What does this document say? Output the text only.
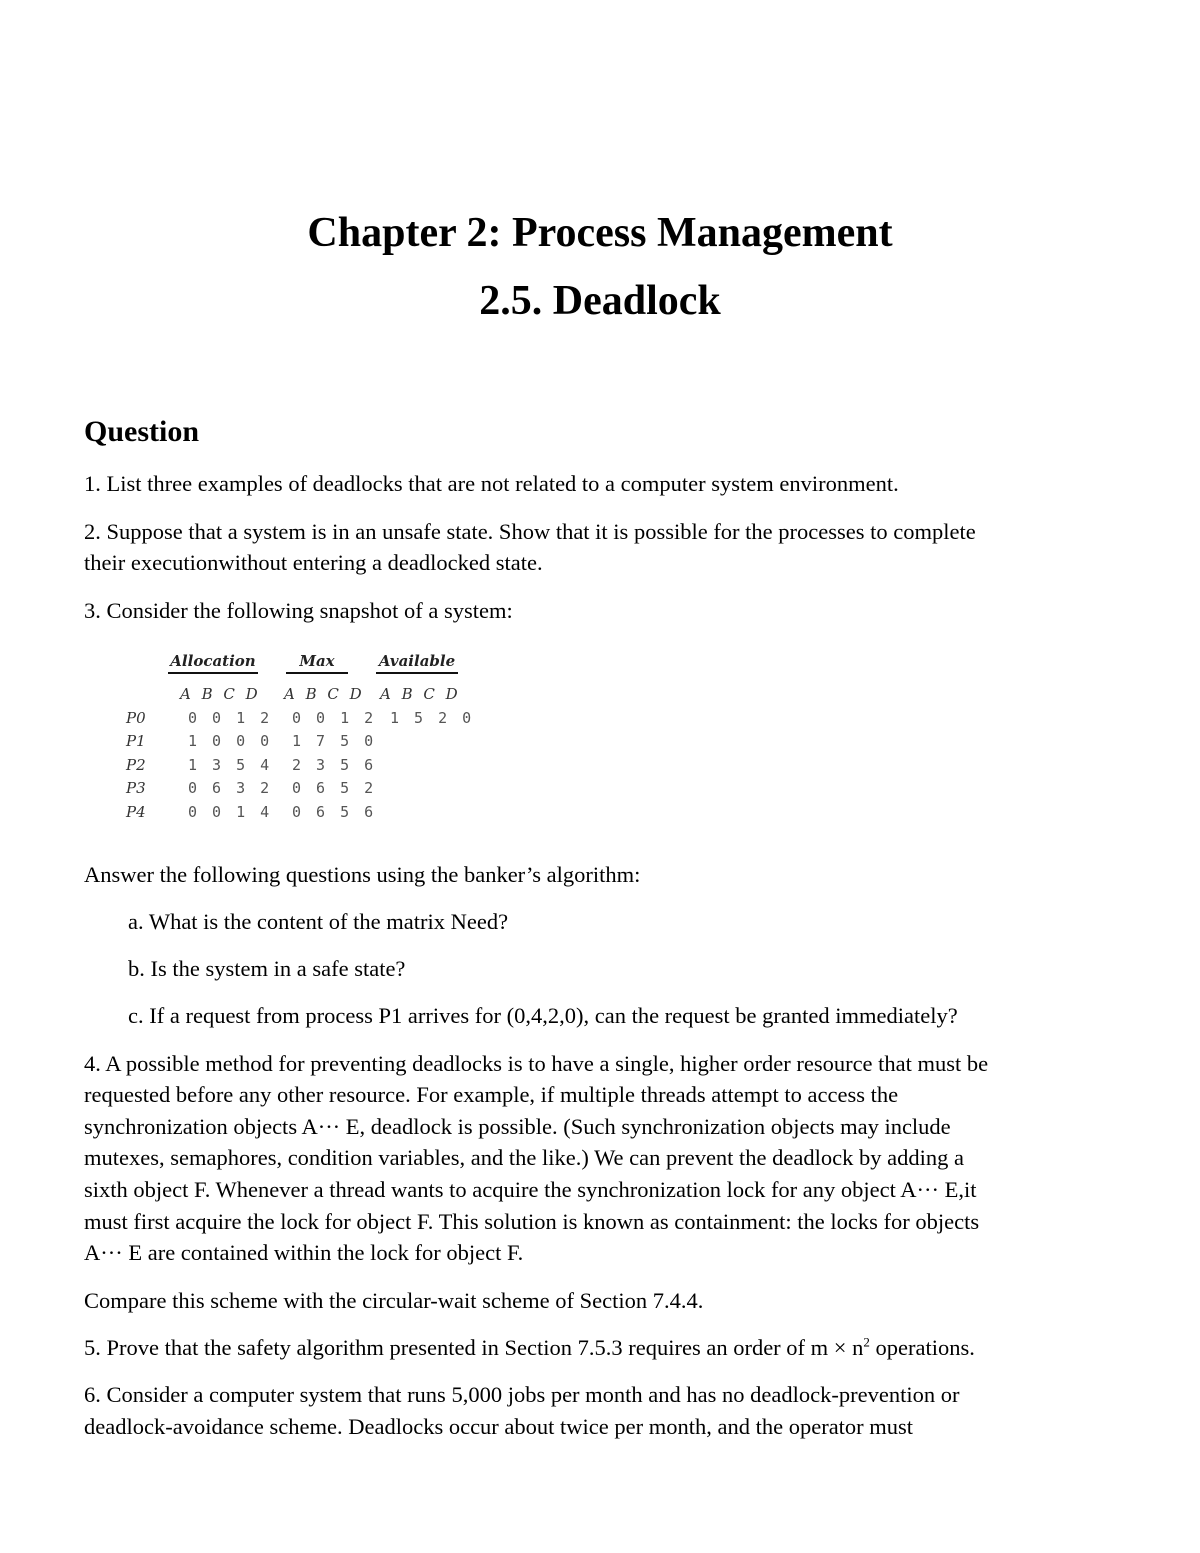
Chapter 2: Process Management
2.5. Deadlock
Question

1. List three examples of deadlocks that are not related to a computer system environment.

2. Suppose that a system is in an unsafe state. Show that it is possible for the processes to complete

their executionwithout entering a deadlocked state.

3. Consider the following snapshot of a system:

Allocation	Max	Available
A B C D A B C D A B C D
P0
P1
P2
P3
P4
0 0 1 2
1 0 0 0
1 3 5 4
0 6 3 2
0 0 1 4
0 0 1 2
1 7 5 0
2 3 5 6
0 6 5 2
0 6 5 6
1 5 2 0

Answer the following questions using the banker’s algorithm:

a. What is the content of the matrix Need?

b. Is the system in a safe state?

c. If a request from process P1 arrives for (0,4,2,0), can the request be granted immediately?

4. A possible method for preventing deadlocks is to have a single, higher order resource that must be

requested before any other resource. For example, if multiple threads attempt to access the

synchronization objects A··· E, deadlock is possible. (Such synchronization objects may include

mutexes, semaphores, condition variables, and the like.) We can prevent the deadlock by adding a

sixth object F. Whenever a thread wants to acquire the synchronization lock for any object A··· E,it

must first acquire the lock for object F. This solution is known as containment: the locks for objects

A··· E are contained within the lock for object F.

Compare this scheme with the circular-wait scheme of Section 7.4.4.

5. Prove that the safety algorithm presented in Section 7.5.3 requires an order of $m \times n^2$ operations.

6. Consider a computer system that runs 5,000 jobs per month and has no deadlock-prevention or

deadlock-avoidance scheme. Deadlocks occur about twice per month, and the operator must
